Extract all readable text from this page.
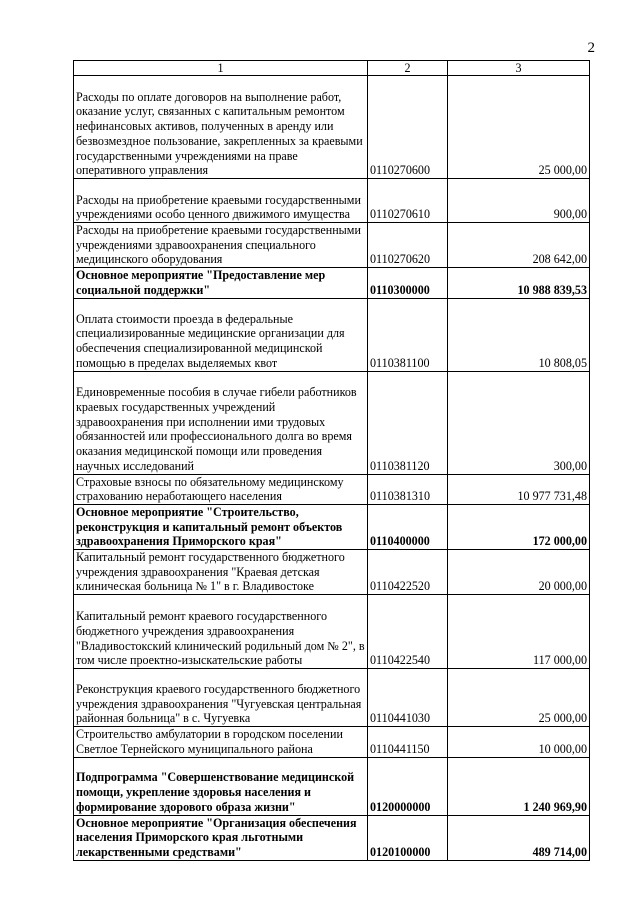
2
1	2	3
Расходы по оплате договоров на выполнение работ, оказание услуг, связанных с капитальным ремонтом нефинансовых активов, полученных в аренду или безвозмездное пользование, закрепленных за краевыми государственными учреждениями на праве оперативного управления	0110270600	25 000,00
Расходы на приобретение краевыми государственными учреждениями особо ценного движимого имущества	0110270610	900,00
Расходы на приобретение краевыми государственными учреждениями здравоохранения специального медицинского оборудования	0110270620	208 642,00
Основное мероприятие "Предоставление мер социальной поддержки"	0110300000	10 988 839,53
Оплата стоимости проезда в федеральные специализированные медицинские организации для обеспечения специализированной медицинской помощью в пределах выделяемых квот	0110381100	10 808,05
Единовременные пособия в случае гибели работников краевых государственных учреждений здравоохранения при исполнении ими трудовых обязанностей или профессионального долга во время оказания медицинской помощи или проведения научных исследований	0110381120	300,00
Страховые взносы по обязательному медицинскому страхованию неработающего населения	0110381310	10 977 731,48
Основное мероприятие "Строительство, реконструкция и капитальный ремонт объектов здравоохранения Приморского края"	0110400000	172 000,00
Капитальный ремонт государственного бюджетного учреждения здравоохранения "Краевая детская клиническая больница № 1" в г. Владивостоке	0110422520	20 000,00
Капитальный ремонт краевого государственного бюджетного учреждения здравоохранения "Владивостокский клинический родильный дом № 2", в том числе проектно-изыскательские работы	0110422540	117 000,00
Реконструкция краевого государственного бюджетного учреждения здравоохранения "Чугуевская центральная районная больница" в с. Чугуевка	0110441030	25 000,00
Строительство амбулатории в городском поселении Светлое Тернейского муниципального района	0110441150	10 000,00
Подпрограмма "Совершенствование медицинской помощи, укрепление здоровья населения и формирование здорового образа жизни"	0120000000	1 240 969,90
Основное мероприятие "Организация обеспечения населения Приморского края льготными лекарственными средствами"	0120100000	489 714,00
